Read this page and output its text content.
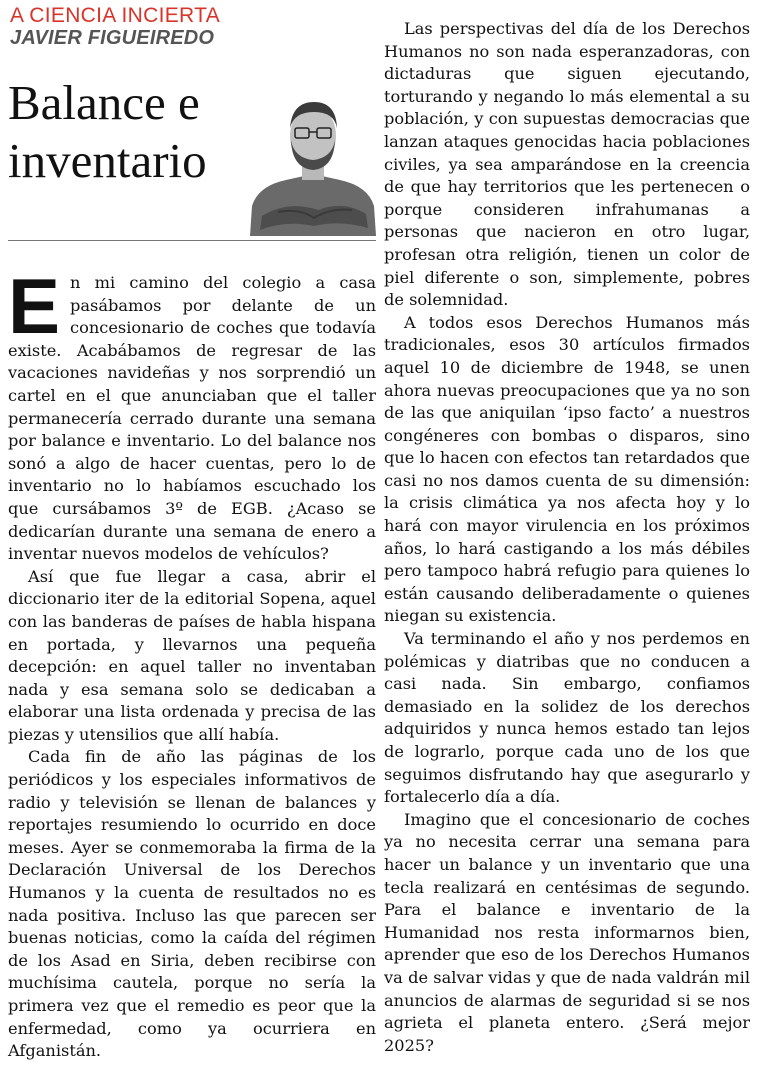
A CIENCIA INCIERTA
JAVIER FIGUEIREDO
Balance e
inventario

En mi camino del colegio a casa pasábamos por delante de un concesionario de coches que todavía existe. Acabábamos de regresar de las vacaciones navideñas y nos sorprendió un cartel en el que anunciaban que el taller permanecería cerrado durante una semana por balance e inventario. Lo del balance nos sonó a algo de hacer cuentas, pero lo de inventario no lo habíamos escuchado los que cursábamos 3º de EGB. ¿Acaso se dedicarían durante una semana de enero a inventar nuevos modelos de vehículos?

Así que fue llegar a casa, abrir el diccionario iter de la editorial Sopena, aquel con las banderas de países de habla hispana en portada, y llevarnos una pequeña decepción: en aquel taller no inventaban nada y esa semana solo se dedicaban a elaborar una lista ordenada y precisa de las piezas y utensilios que allí había.

Cada fin de año las páginas de los periódicos y los especiales informativos de radio y televisión se llenan de balances y reportajes resumiendo lo ocurrido en doce meses. Ayer se conmemoraba la firma de la Declaración Universal de los Derechos Humanos y la cuenta de resultados no es nada positiva. Incluso las que parecen ser buenas noticias, como la caída del régimen de los Asad en Siria, deben recibirse con muchísima cautela, porque no sería la primera vez que el remedio es peor que la enfermedad, como ya ocurriera en Afganistán.

Las perspectivas del día de los Derechos Humanos no son nada esperanzadoras, con dictaduras que siguen ejecutando, torturando y negando lo más elemental a su población, y con supuestas democracias que lanzan ataques genocidas hacia poblaciones civiles, ya sea amparándose en la creencia de que hay territorios que les pertenecen o porque consideren infrahumanas a personas que nacieron en otro lugar, profesan otra religión, tienen un color de piel diferente o son, simplemente, pobres de solemnidad.

A todos esos Derechos Humanos más tradicionales, esos 30 artículos firmados aquel 10 de diciembre de 1948, se unen ahora nuevas preocupaciones que ya no son de las que aniquilan ‘ipso facto’ a nuestros congéneres con bombas o disparos, sino que lo hacen con efectos tan retardados que casi no nos damos cuenta de su dimensión: la crisis climática ya nos afecta hoy y lo hará con mayor virulencia en los próximos años, lo hará castigando a los más débiles pero tampoco habrá refugio para quienes lo están causando deliberadamente o quienes niegan su existencia.

Va terminando el año y nos perdemos en polémicas y diatribas que no conducen a casi nada. Sin embargo, confiamos demasiado en la solidez de los derechos adquiridos y nunca hemos estado tan lejos de lograrlo, porque cada uno de los que seguimos disfrutando hay que asegurarlo y fortalecerlo día a día.

Imagino que el concesionario de coches ya no necesita cerrar una semana para hacer un balance y un inventario que una tecla realizará en centésimas de segundo. Para el balance e inventario de la Humanidad nos resta informarnos bien, aprender que eso de los Derechos Humanos va de salvar vidas y que de nada valdrán mil anuncios de alarmas de seguridad si se nos agrieta el planeta entero. ¿Será mejor 2025?
